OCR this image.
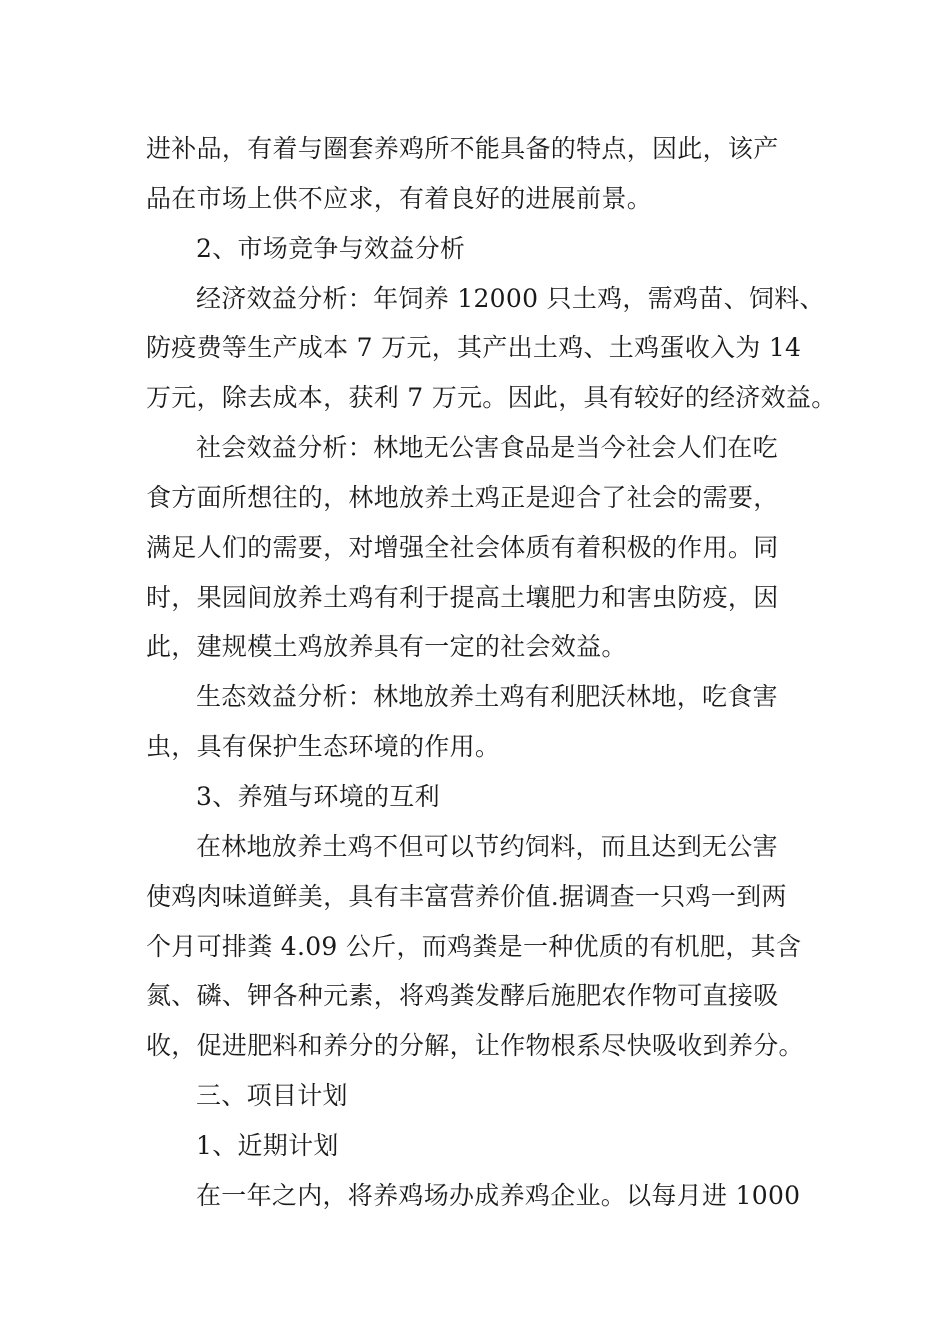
进补品，有着与圈套养鸡所不能具备的特点，因此，该产
品在市场上供不应求，有着良好的进展前景。
2、市场竞争与效益分析
经济效益分析：年饲养 12000 只土鸡，需鸡苗、饲料、
防疫费等生产成本 7 万元，其产出土鸡、土鸡蛋收入为 14
万元，除去成本，获利 7 万元。因此，具有较好的经济效益。
社会效益分析：林地无公害食品是当今社会人们在吃
食方面所想往的，林地放养土鸡正是迎合了社会的需要，
满足人们的需要，对增强全社会体质有着积极的作用。同
时，果园间放养土鸡有利于提高土壤肥力和害虫防疫，因
此，建规模土鸡放养具有一定的社会效益。
生态效益分析：林地放养土鸡有利肥沃林地，吃食害
虫，具有保护生态环境的作用。
3、养殖与环境的互利
在林地放养土鸡不但可以节约饲料，而且达到无公害
使鸡肉味道鲜美，具有丰富营养价值.据调查一只鸡一到两
个月可排粪 4.09 公斤，而鸡粪是一种优质的有机肥，其含
氮、磷、钾各种元素，将鸡粪发酵后施肥农作物可直接吸
收，促进肥料和养分的分解，让作物根系尽快吸收到养分。
三、项目计划
1、近期计划
在一年之内，将养鸡场办成养鸡企业。以每月进 1000
